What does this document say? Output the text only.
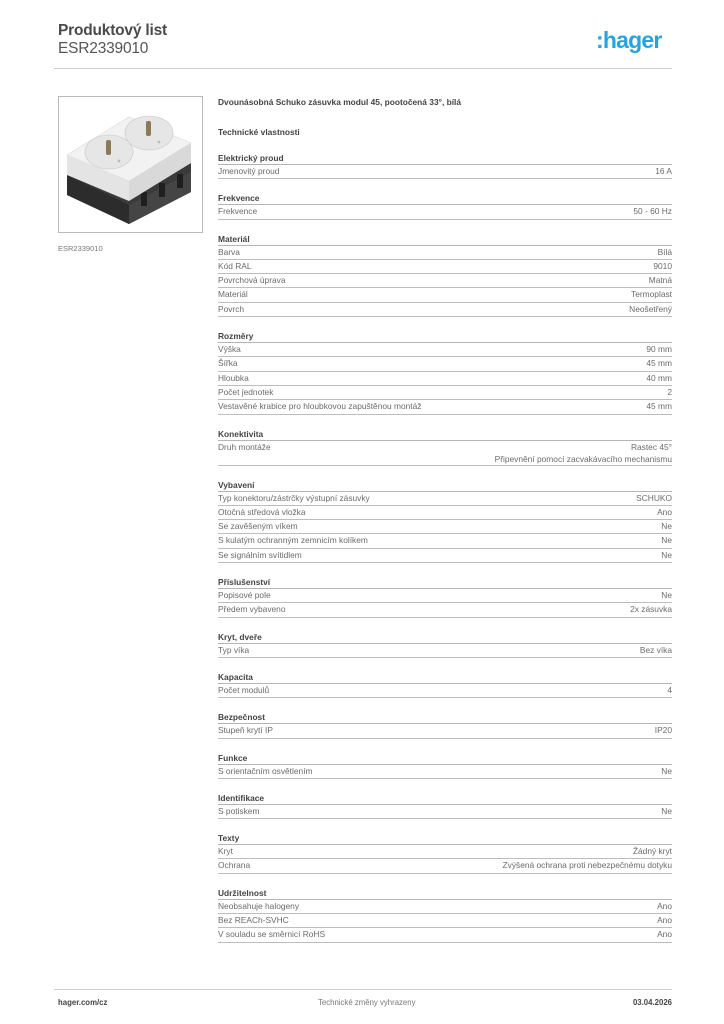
Produktový list
ESR2339010	:hager
ESR2339010
Dvounásobná Schuko zásuvka modul 45, pootočená 33°, bílá
Technické vlastnosti
Elektrický proud
Jmenovitý proud	16 A
Frekvence
Frekvence	50 - 60 Hz
Materiál
Barva	Bílá
Kód RAL	9010
Povrchová úprava	Matná
Materiál	Termoplast
Povrch	Neošetřený
Rozměry
Výška	90 mm
Šířka	45 mm
Hloubka	40 mm
Počet jednotek	2
Vestavěné krabice pro hloubkovou zapuštěnou montáž	45 mm
Konektivita
Druh montáže	Rastec 45°
Připevnění pomocí zacvakávacího mechanismu
Vybavení
Typ konektoru/zástrčky výstupní zásuvky	SCHUKO
Otočná středová vložka	Ano
Se zavěšeným víkem	Ne
S kulatým ochranným zemnicím kolíkem	Ne
Se signálním svítidlem	Ne
Příslušenství
Popisové pole	Ne
Předem vybaveno	2x zásuvka
Kryt, dveře
Typ víka	Bez víka
Kapacita
Počet modulů	4
Bezpečnost
Stupeň krytí IP	IP20
Funkce
S orientačním osvětlením	Ne
Identifikace
S potiskem	Ne
Texty
Kryt	Žádný kryt
Ochrana	Zvýšená ochrana proti nebezpečnému dotyku
Udržitelnost
Neobsahuje halogeny	Ano
Bez REACh-SVHC	Ano
V souladu se směrnicí RoHS	Ano
hager.com/cz	Technické změny vyhrazeny	03.04.2026
